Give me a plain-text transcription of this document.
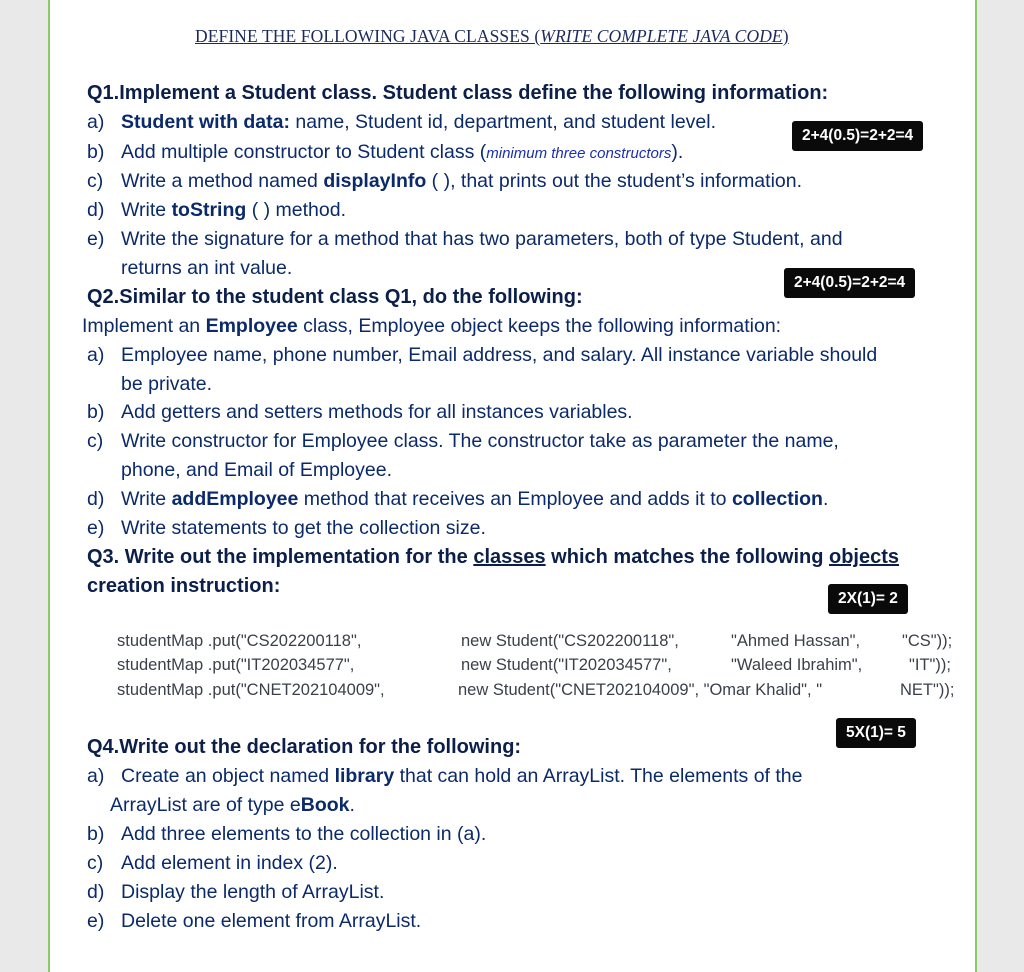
DEFINE THE FOLLOWING JAVA CLASSES (WRITE COMPLETE JAVA CODE)
Q1.Implement a Student class. Student class define the following information:
a) Student with data: name, Student id, department, and student level.
b) Add multiple constructor to Student class (minimum three constructors).
c) Write a method named displayInfo ( ), that prints out the student’s information.
d) Write toString ( ) method.
e) Write the signature for a method that has two parameters, both of type Student, and
returns an int value.
2+4(0.5)=2+2=4
Q2.Similar to the student class Q1, do the following:
2+4(0.5)=2+2=4
Implement an Employee class, Employee object keeps the following information:
a) Employee name, phone number, Email address, and salary. All instance variable should
be private.
b) Add getters and setters methods for all instances variables.
c) Write constructor for Employee class. The constructor take as parameter the name,
phone, and Email of Employee.
d) Write addEmployee method that receives an Employee and adds it to collection.
e) Write statements to get the collection size.
Q3. Write out the implementation for the classes which matches the following objects
creation instruction:
2X(1)= 2
studentMap .put("CS202200118",	new Student("CS202200118",	"Ahmed Hassan",	"CS"));
studentMap .put("IT202034577",	new Student("IT202034577",	"Waleed Ibrahim",	"IT"));
studentMap .put("CNET202104009",	new Student("CNET202104009", "Omar Khalid", "	NET"));
5X(1)= 5
Q4.Write out the declaration for the following:
a) Create an object named library that can hold an ArrayList. The elements of the
ArrayList are of type eBook.
b) Add three elements to the collection in (a).
c) Add element in index (2).
d) Display the length of ArrayList.
e) Delete one element from ArrayList.
